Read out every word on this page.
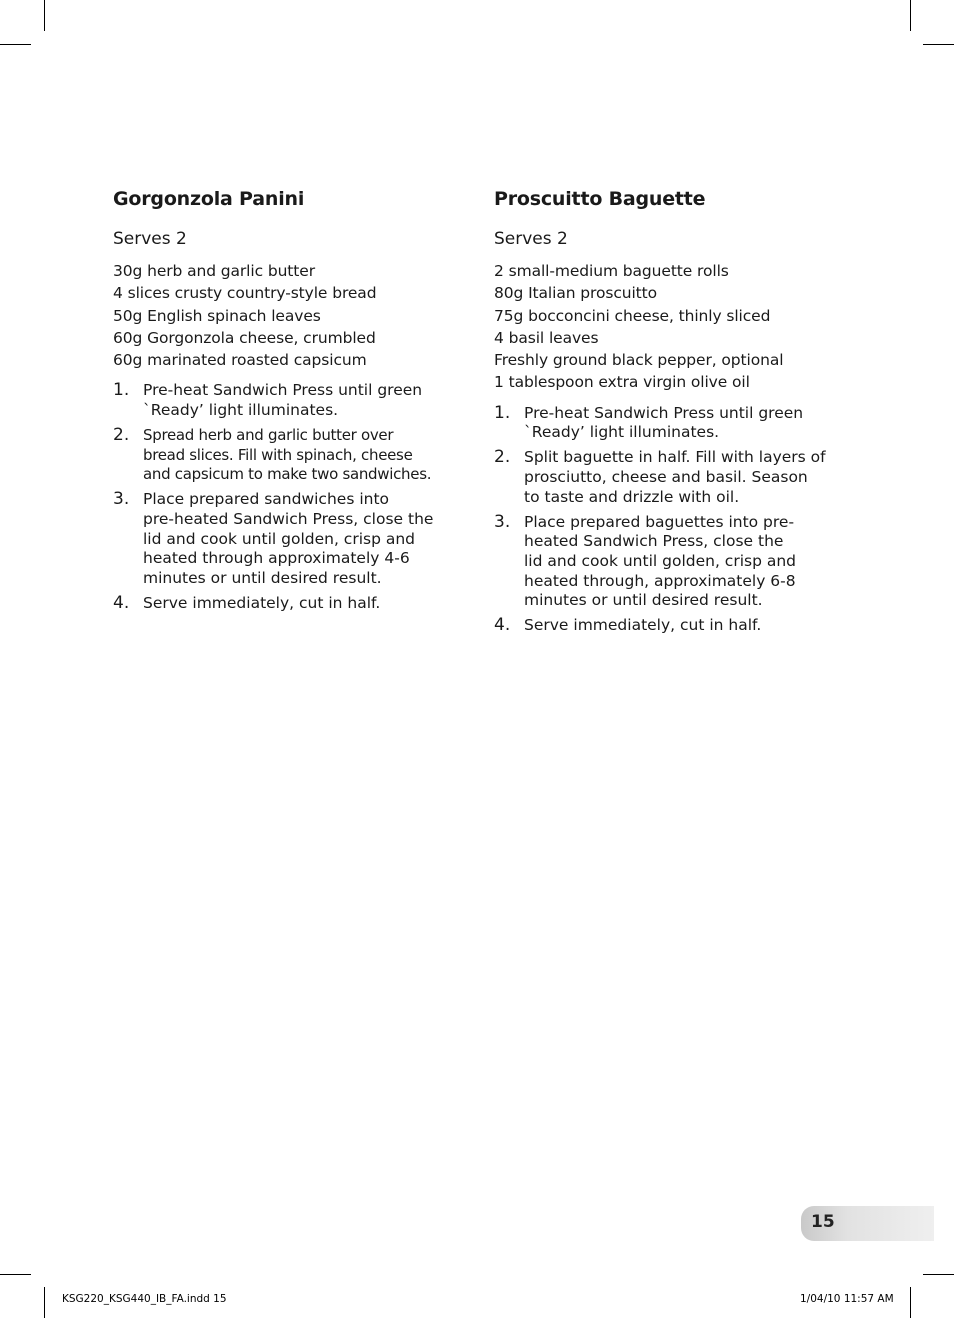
Gorgonzola Panini
Serves 2
30g herb and garlic butter
4 slices crusty country-style bread
50g English spinach leaves
60g Gorgonzola cheese, crumbled
60g marinated roasted capsicum
1. Pre-heat Sandwich Press until green
`Ready’ light illuminates.
2. Spread herb and garlic butter over
bread slices. Fill with spinach, cheese
and capsicum to make two sandwiches.
3. Place prepared sandwiches into
pre-heated Sandwich Press, close the
lid and cook until golden, crisp and
heated through approximately 4-6
minutes or until desired result.
4. Serve immediately, cut in half.
Proscuitto Baguette
Serves 2
2 small-medium baguette rolls
80g Italian proscuitto
75g bocconcini cheese, thinly sliced
4 basil leaves
Freshly ground black pepper, optional
1 tablespoon extra virgin olive oil
1. Pre-heat Sandwich Press until green
`Ready’ light illuminates.
2. Split baguette in half. Fill with layers of
prosciutto, cheese and basil. Season
to taste and drizzle with oil.
3. Place prepared baguettes into pre-
heated Sandwich Press, close the
lid and cook until golden, crisp and
heated through, approximately 6-8
minutes or until desired result.
4. Serve immediately, cut in half.
15
KSG220_KSG440_IB_FA.indd 15	1/04/10 11:57 AM
